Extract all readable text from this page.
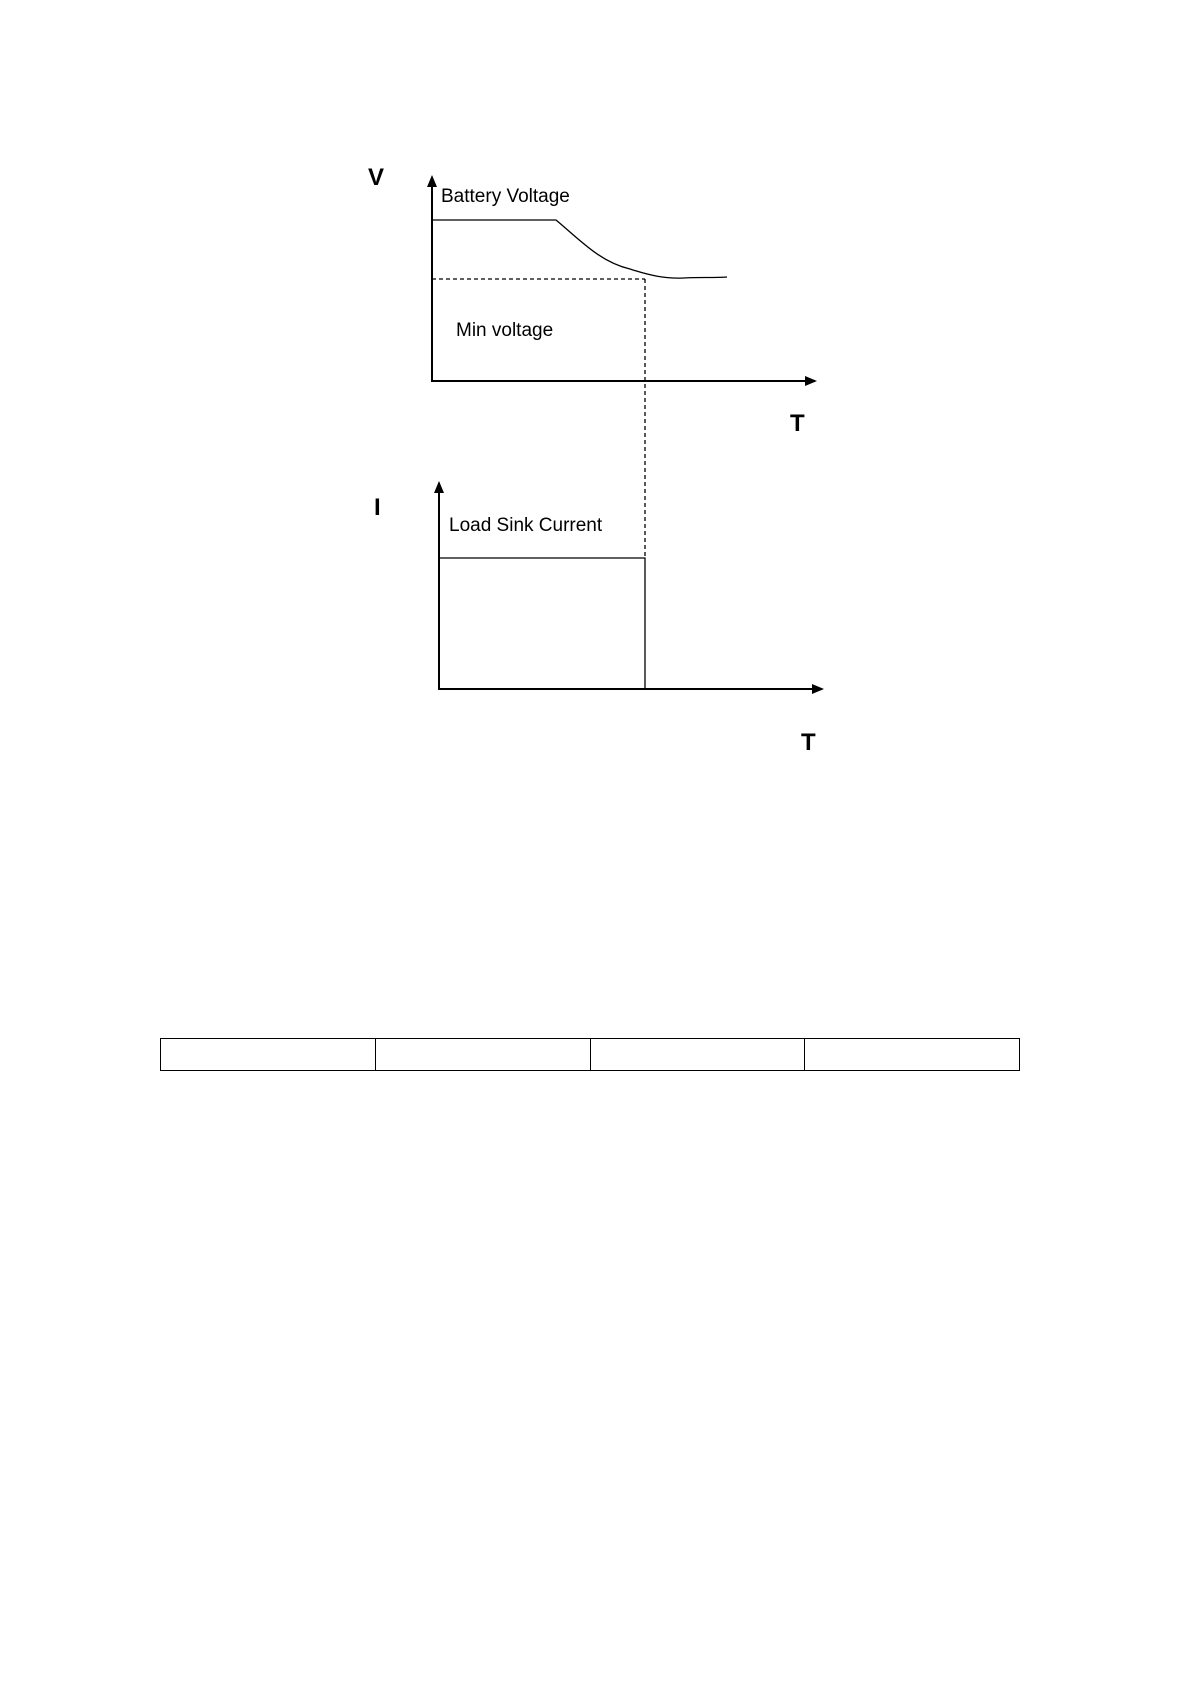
V
Battery Voltage
Min voltage
T
I
Load Sink Current
T
